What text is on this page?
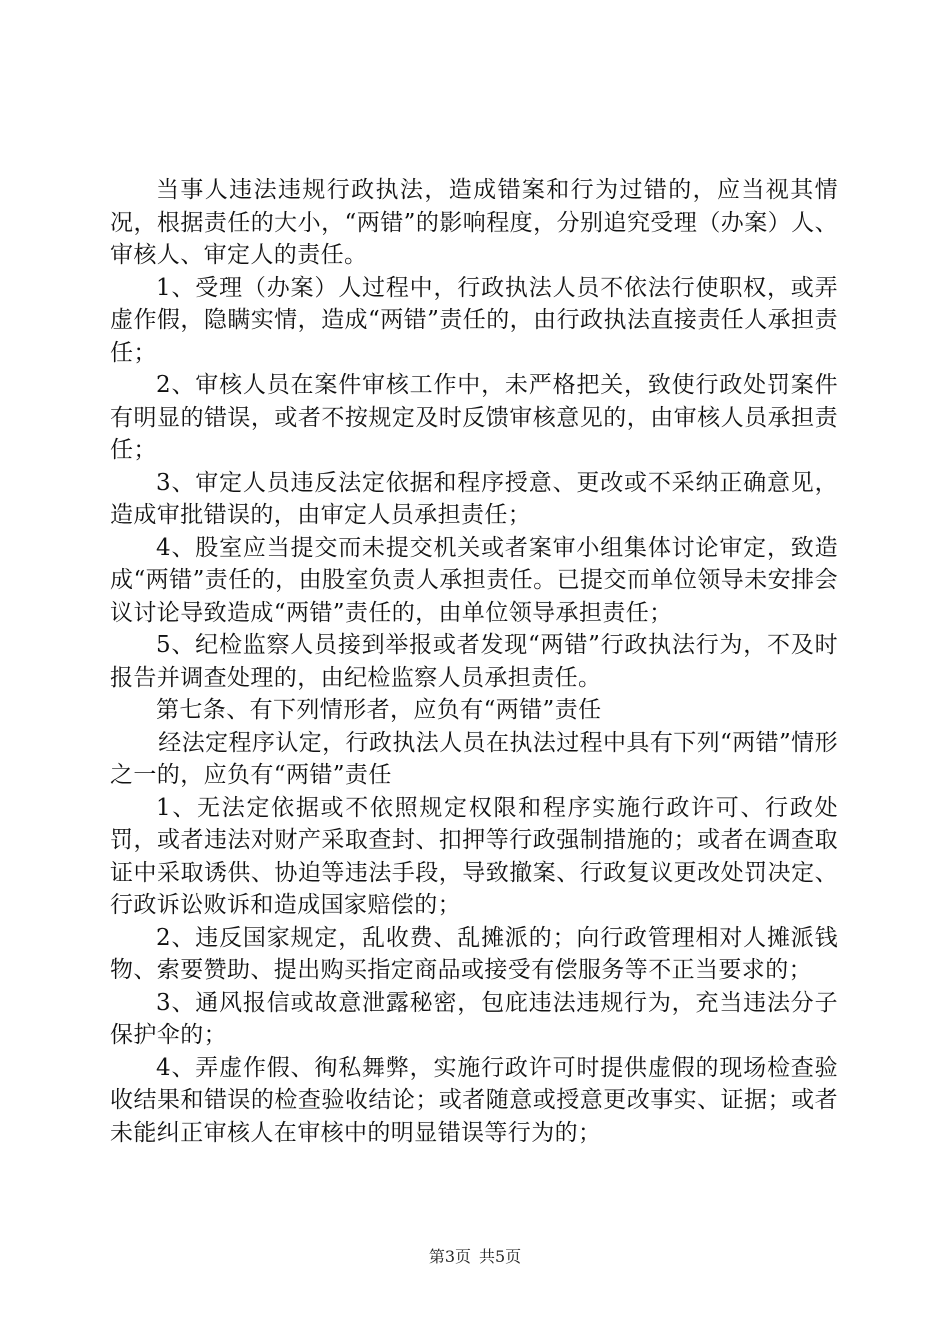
当事人违法违规行政执法，造成错案和行为过错的，应当视其情况，根据责任的大小，“两错”的影响程度，分别追究受理（办案）人、审核人、审定人的责任。

1、受理（办案）人过程中，行政执法人员不依法行使职权，或弄虚作假，隐瞒实情，造成“两错”责任的，由行政执法直接责任人承担责任；

2、审核人员在案件审核工作中，未严格把关，致使行政处罚案件有明显的错误，或者不按规定及时反馈审核意见的，由审核人员承担责任；

3、审定人员违反法定依据和程序授意、更改或不采纳正确意见，造成审批错误的，由审定人员承担责任；

4、股室应当提交而未提交机关或者案审小组集体讨论审定，致造成“两错”责任的，由股室负责人承担责任。已提交而单位领导未安排会议讨论导致造成“两错”责任的，由单位领导承担责任；

5、纪检监察人员接到举报或者发现“两错”行政执法行为，不及时报告并调查处理的，由纪检监察人员承担责任。

第七条、有下列情形者，应负有“两错”责任

经法定程序认定，行政执法人员在执法过程中具有下列“两错”情形之一的，应负有“两错”责任

1、无法定依据或不依照规定权限和程序实施行政许可、行政处罚，或者违法对财产采取查封、扣押等行政强制措施的；或者在调查取证中采取诱供、协迫等违法手段，导致撤案、行政复议更改处罚决定、行政诉讼败诉和造成国家赔偿的；

2、违反国家规定，乱收费、乱摊派的；向行政管理相对人摊派钱物、索要赞助、提出购买指定商品或接受有偿服务等不正当要求的；

3、通风报信或故意泄露秘密，包庇违法违规行为，充当违法分子保护伞的；

4、弄虚作假、徇私舞弊，实施行政许可时提供虚假的现场检查验收结果和错误的检查验收结论；或者随意或授意更改事实、证据；或者未能纠正审核人在审核中的明显错误等行为的；

第3页 共5页
